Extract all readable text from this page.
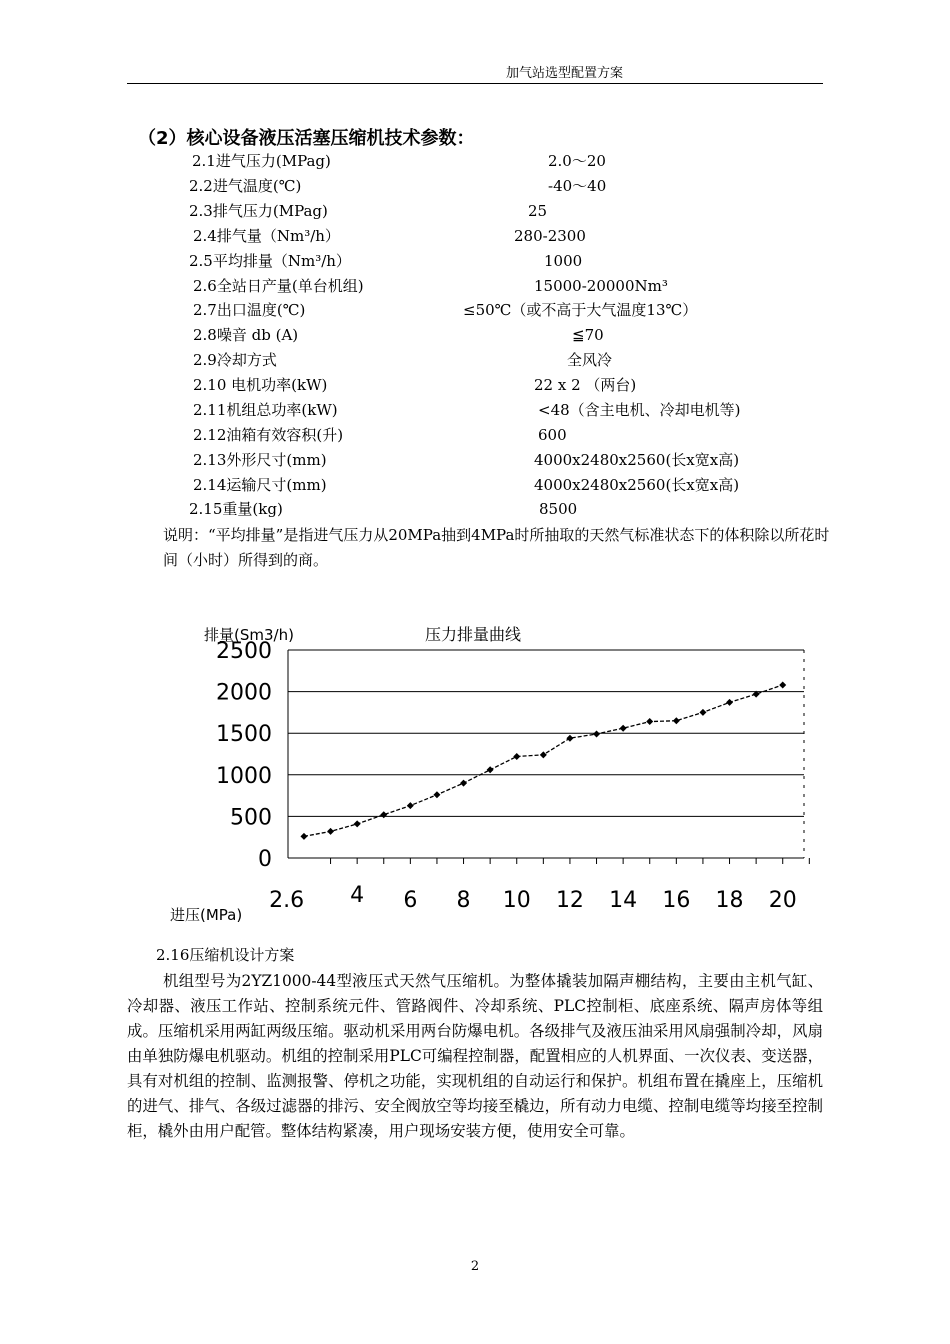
加气站选型配置方案
（2）核心设备液压活塞压缩机技术参数：
2.1进气压力(MPag)	2.0～20
2.2进气温度(℃)	-40～40
2.3排气压力(MPag)	25
2.4排气量（Nm³/h）	280-2300
2.5平均排量（Nm³/h）	1000
2.6全站日产量(单台机组)	15000-20000Nm³
2.7出口温度(℃)	≤50℃（或不高于大气温度13℃）
2.8噪音 db (A)	≦70
2.9冷却方式	全风冷
2.10 电机功率(kW)	22 x 2 （两台)
2.11机组总功率(kW)	<48（含主电机、冷却电机等)
2.12油箱有效容积(升)	600
2.13外形尺寸(mm)	4000x2480x2560(长x宽x高)
2.14运输尺寸(mm)	4000x2480x2560(长x宽x高)
2.15重量(kg)	8500
说明：“平均排量”是指进气压力从20MPa抽到4MPa时所抽取的天然气标准状态下的体积除以所花时间（小时）所得到的商。
压力排量曲线
排量(Sm3/h)
进压(MPa)
2500
2000
1500
1000
500
0
2.6 4 6 8 10 12 14 16 18 20
2.16压缩机设计方案
机组型号为2YZ1000-44型液压式天然气压缩机。为整体撬装加隔声棚结构，主要由主机气缸、冷却器、液压工作站、控制系统元件、管路阀件、冷却系统、PLC控制柜、底座系统、隔声房体等组成。压缩机采用两缸两级压缩。驱动机采用两台防爆电机。各级排气及液压油采用风扇强制冷却，风扇由单独防爆电机驱动。机组的控制采用PLC可编程控制器，配置相应的人机界面、一次仪表、变送器，具有对机组的控制、监测报警、停机之功能，实现机组的自动运行和保护。机组布置在撬座上，压缩机的进气、排气、各级过滤器的排污、安全阀放空等均接至橇边，所有动力电缆、控制电缆等均接至控制柜，橇外由用户配管。整体结构紧凑，用户现场安装方便，使用安全可靠。
2
